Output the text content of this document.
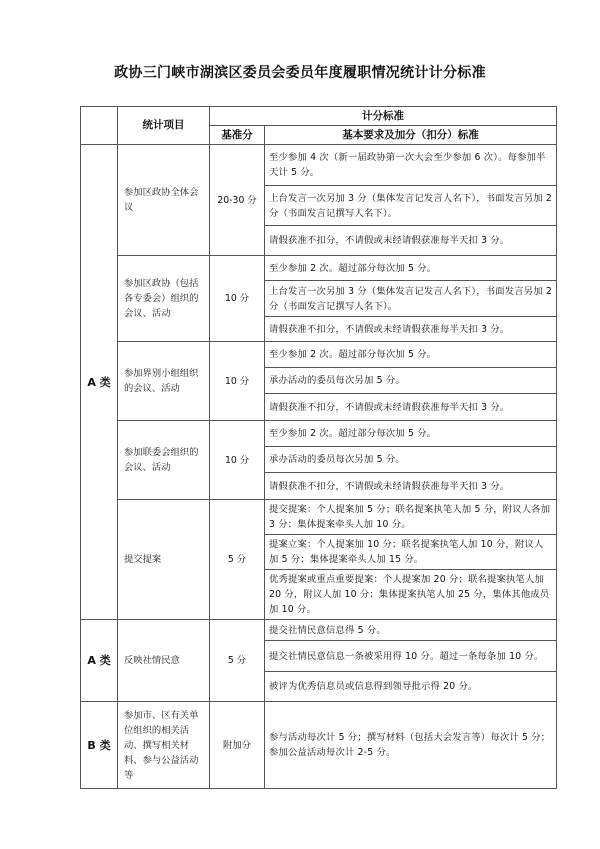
政协三门峡市湖滨区委员会委员年度履职情况统计计分标准
	统计项目	计分标准	
		基准分	基本要求及加分（扣分）标准
A 类	参加区政协全体会议	20-30 分	至少参加 4 次（新一届政协第一次大会至少参加 6 次）。每参加半天计 5 分。
			上台发言一次另加 3 分（集体发言记发言人名下），书面发言另加 2 分（书面发言记撰写人名下）。
			请假获准不扣分，不请假或未经请假获准每半天扣 3 分。
	参加区政协（包括各专委会）组织的会议、活动	10 分	至少参加 2 次。超过部分每次加 5 分。
			上台发言一次另加 3 分（集体发言记发言人名下），书面发言另加 2 分（书面发言记撰写人名下）。
			请假获准不扣分，不请假或未经请假获准每半天扣 3 分。
	参加界别小组组织的会议、活动	10 分	至少参加 2 次。超过部分每次加 5 分。
			承办活动的委员每次另加 5 分。
			请假获准不扣分，不请假或未经请假获准每半天扣 3 分。
	参加联委会组织的会议、活动	10 分	至少参加 2 次。超过部分每次加 5 分。
			承办活动的委员每次另加 5 分。
			请假获准不扣分，不请假或未经请假获准每半天扣 3 分。
	提交提案	5 分	提交提案：个人提案加 5 分；联名提案执笔人加 5 分，附议人各加 3 分；集体提案牵头人加 10 分。
			提案立案：个人提案加 10 分；联名提案执笔人加 10 分，附议人加 5 分；集体提案牵头人加 15 分。
			优秀提案或重点重要提案：个人提案加 20 分；联名提案执笔人加 20 分，附议人加 10 分；集体提案执笔人加 25 分，集体其他成员加 10 分。
A 类	反映社情民意	5 分	提交社情民意信息得 5 分。
			提交社情民意信息一条被采用得 10 分。超过一条每条加 10 分。
			被评为优秀信息员或信息得到领导批示得 20 分。
B 类	参加市、区有关单位组织的相关活动、撰写相关材料、参与公益活动等	附加分	参与活动每次计 5 分；撰写材料（包括大会发言等）每次计 5 分；参加公益活动每次计 2-5 分。
